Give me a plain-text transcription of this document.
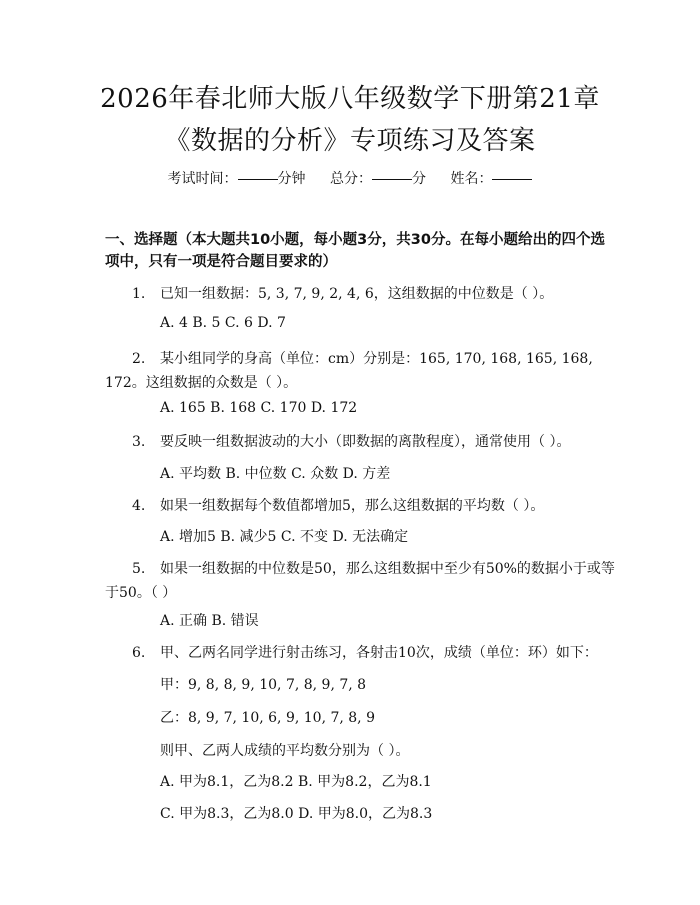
2026年春北师大版八年级数学下册第21章
《数据的分析》专项练习及答案
考试时间：	分钟 总分：	分 姓名：
一、选择题（本大题共10小题，每小题3分，共30分。在每小题给出的四个选项中，只有一项是符合题目要求的）
1. 已知一组数据：5, 3, 7, 9, 2, 4, 6，这组数据的中位数是（ ）。
A. 4 B. 5 C. 6 D. 7
2. 某小组同学的身高（单位：cm）分别是：165, 170, 168, 165, 168,
172。这组数据的众数是（ ）。
A. 165 B. 168 C. 170 D. 172
3. 要反映一组数据波动的大小（即数据的离散程度），通常使用（ ）。
A. 平均数 B. 中位数 C. 众数 D. 方差
4. 如果一组数据每个数值都增加5，那么这组数据的平均数（ ）。
A. 增加5 B. 减少5 C. 不变 D. 无法确定
5. 如果一组数据的中位数是50，那么这组数据中至少有50%的数据小于或等
于50。（ ）
A. 正确 B. 错误
6. 甲、乙两名同学进行射击练习，各射击10次，成绩（单位：环）如下：
甲：9, 8, 8, 9, 10, 7, 8, 9, 7, 8
乙：8, 9, 7, 10, 6, 9, 10, 7, 8, 9
则甲、乙两人成绩的平均数分别为（ ）。
A. 甲为8.1，乙为8.2 B. 甲为8.2，乙为8.1
C. 甲为8.3，乙为8.0 D. 甲为8.0，乙为8.3
